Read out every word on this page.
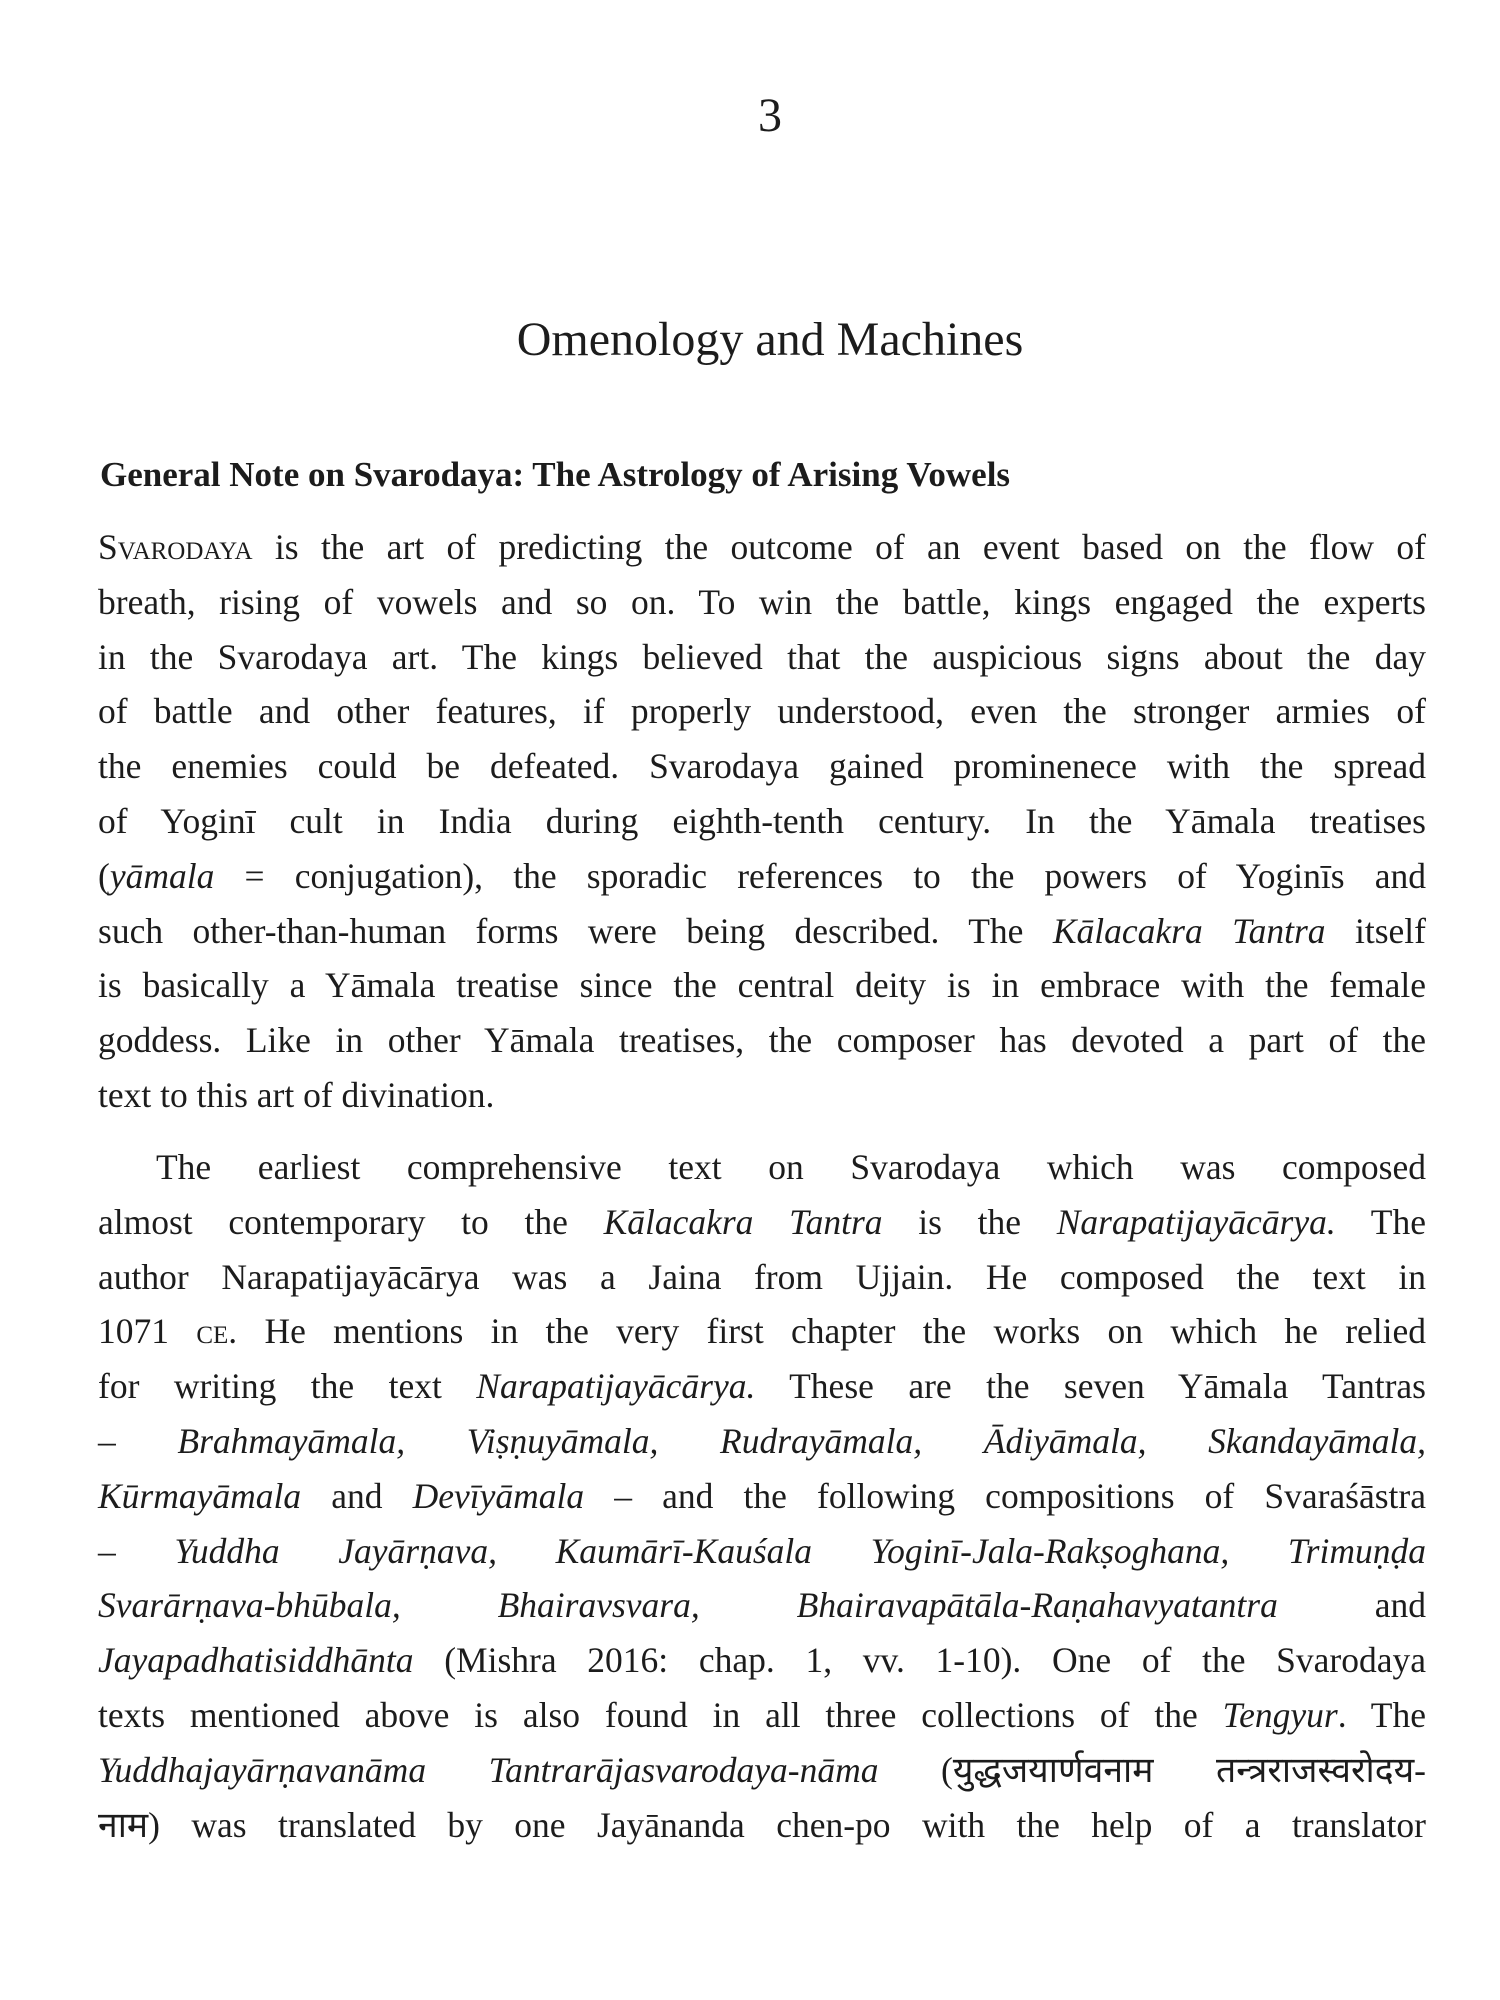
3
Omenology and Machines
General Note on Svarodaya: The Astrology of Arising Vowels
Svarodaya is the art of predicting the outcome of an event based on the flow of
breath, rising of vowels and so on. To win the battle, kings engaged the experts
in the Svarodaya art. The kings believed that the auspicious signs about the day
of battle and other features, if properly understood, even the stronger armies of
the enemies could be defeated. Svarodaya gained prominenece with the spread
of Yoginī cult in India during eighth-tenth century. In the Yāmala treatises
(yāmala = conjugation), the sporadic references to the powers of Yoginīs and
such other-than-human forms were being described. The Kālacakra Tantra itself
is basically a Yāmala treatise since the central deity is in embrace with the female
goddess. Like in other Yāmala treatises, the composer has devoted a part of the
text to this art of divination.
The earliest comprehensive text on Svarodaya which was composed
almost contemporary to the Kālacakra Tantra is the Narapatijayācārya. The
author Narapatijayācārya was a Jaina from Ujjain. He composed the text in
1071 ce. He mentions in the very first chapter the works on which he relied
for writing the text Narapatijayācārya. These are the seven Yāmala Tantras
– Brahmayāmala, Viṣṇuyāmala, Rudrayāmala, Ādiyāmala, Skandayāmala,
Kūrmayāmala and Devīyāmala – and the following compositions of Svaraśāstra
– Yuddha Jayārṇava, Kaumārī-Kauśala Yoginī-Jala-Rakṣoghana, Trimuṇḍa
Svarārṇava-bhūbala, Bhairavsvara, Bhairavapātāla-Raṇahavyatantra and
Jayapadhatisiddhānta (Mishra 2016: chap. 1, vv. 1-10). One of the Svarodaya
texts mentioned above is also found in all three collections of the Tengyur. The
Yuddhajayārṇavanāma Tantrarājasvarodaya-nāma (युद्धजयार्णवनाम तन्त्रराजस्वरोदय-
नाम) was translated by one Jayānanda chen-po with the help of a translator
